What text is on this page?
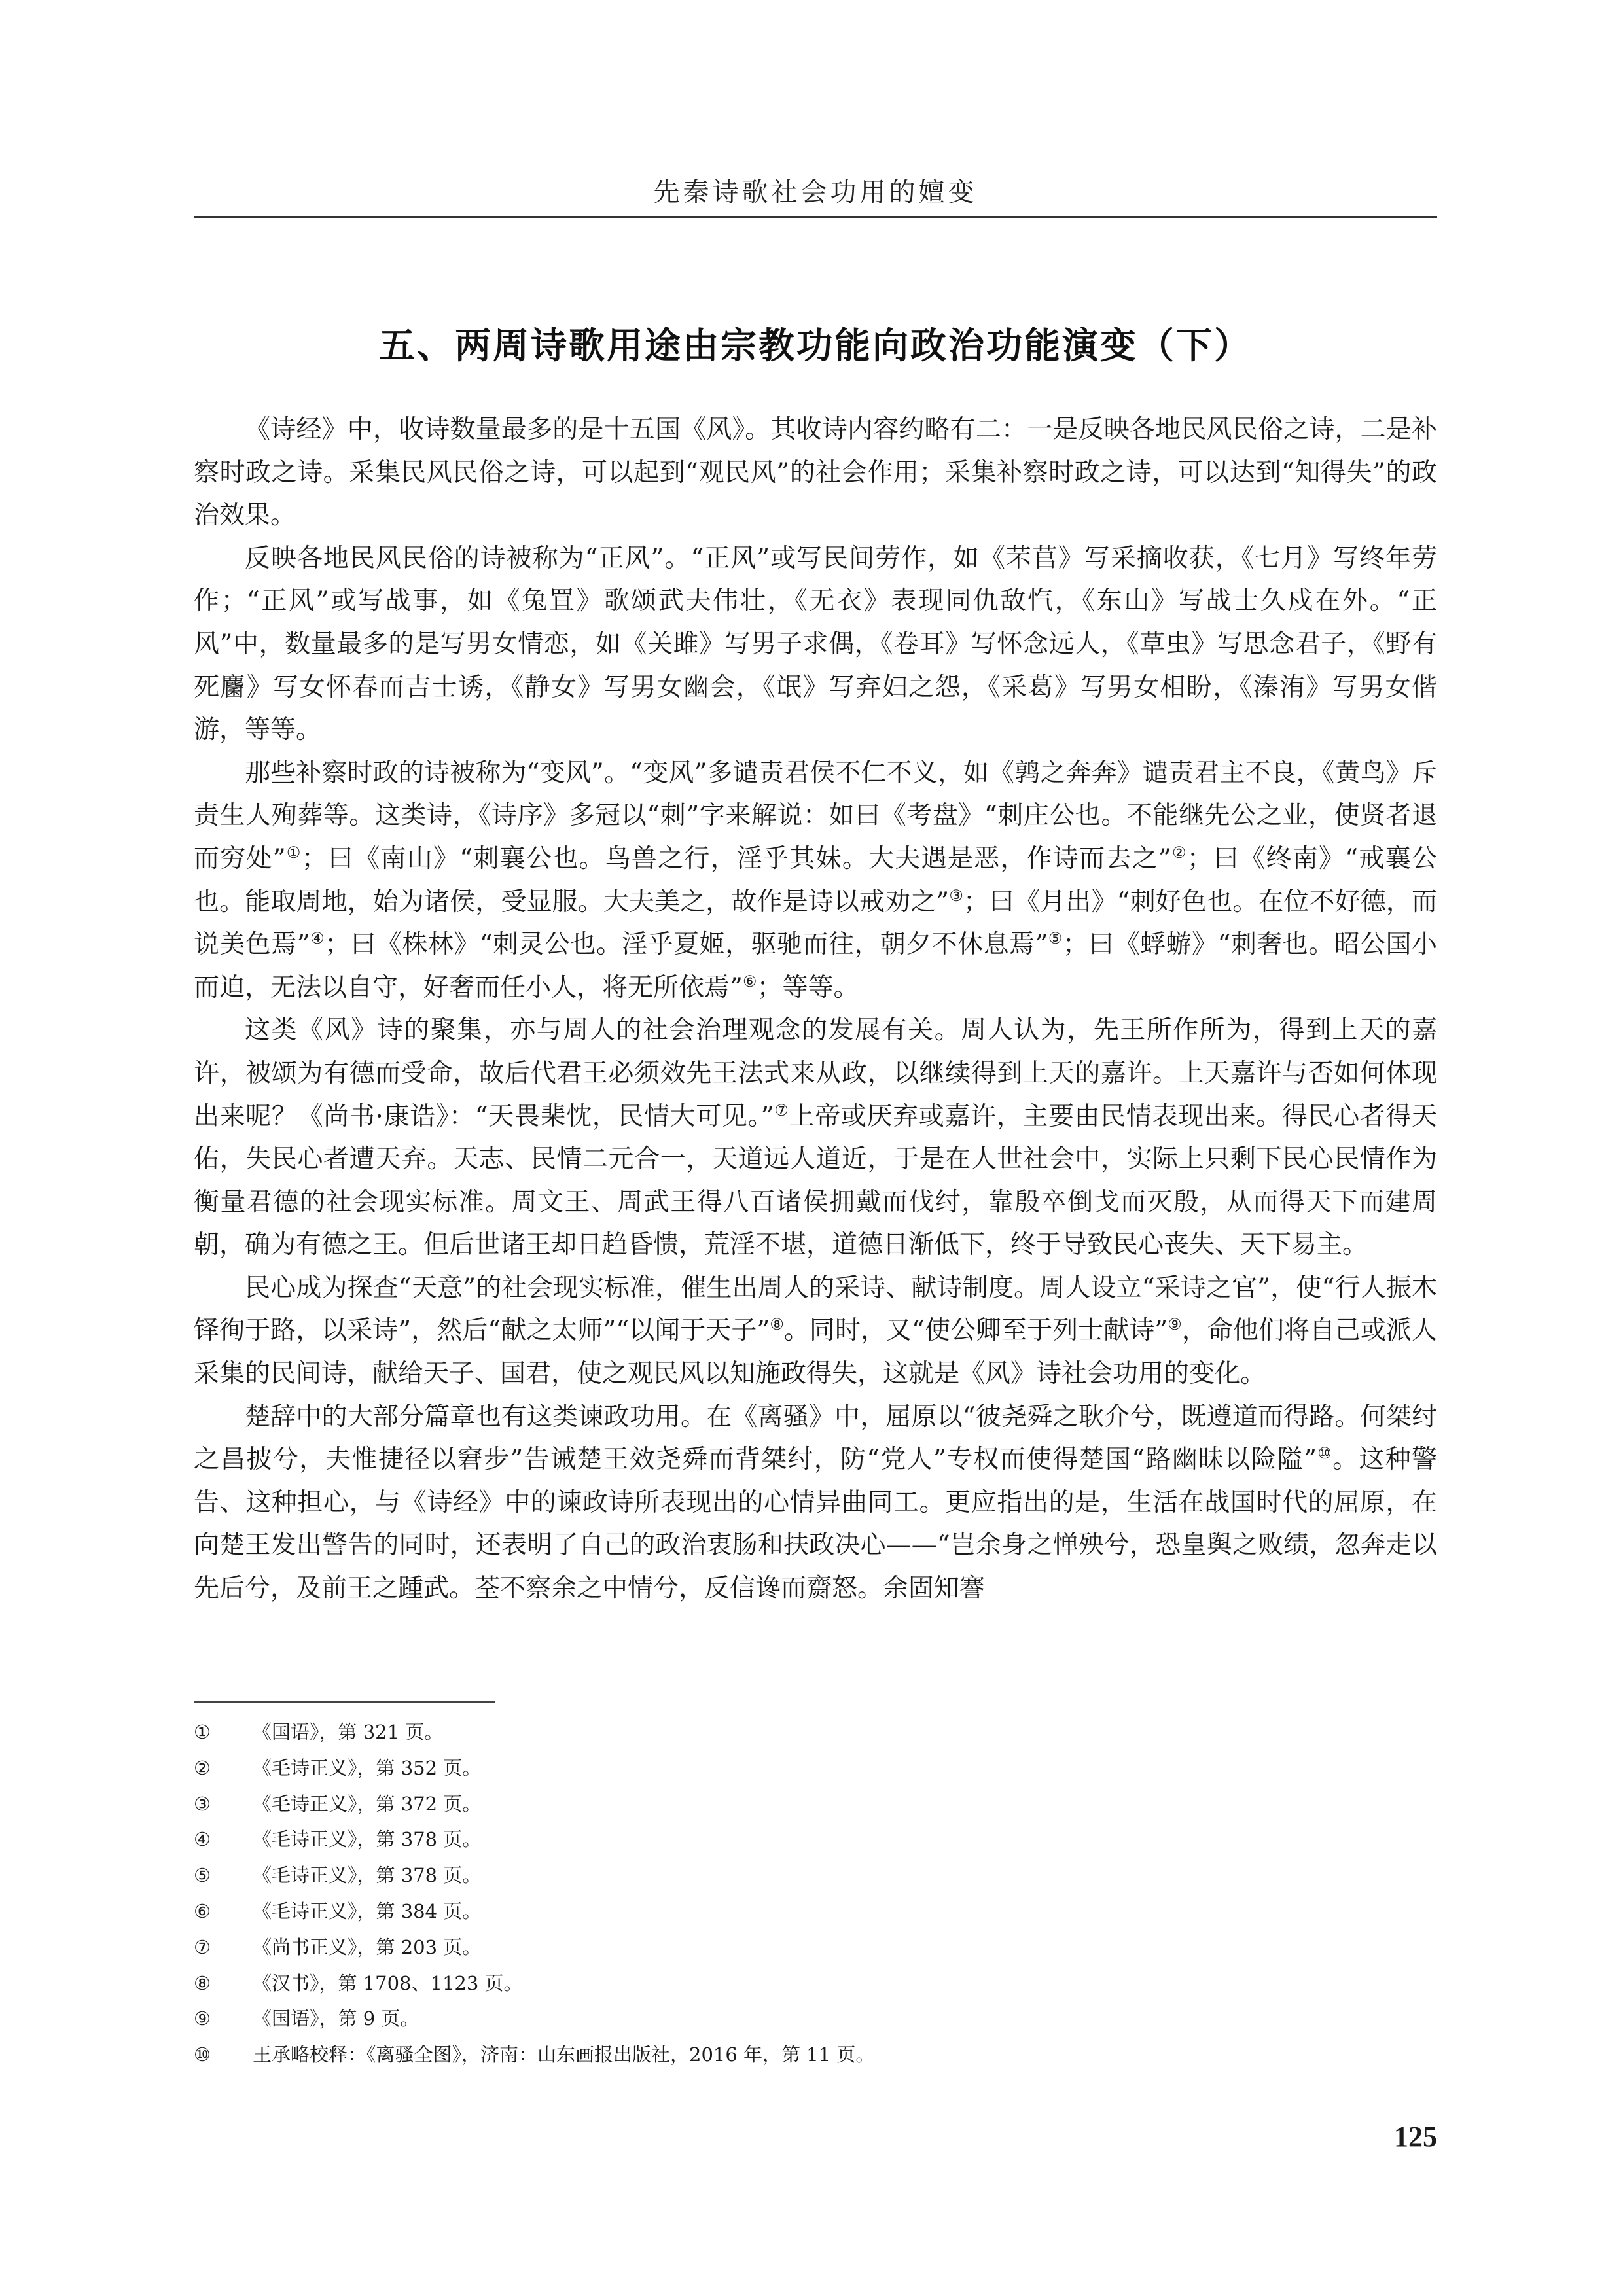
先秦诗歌社会功用的嬗变
五、两周诗歌用途由宗教功能向政治功能演变（下）

《诗经》中，收诗数量最多的是十五国《风》。其收诗内容约略有二：一是反映各地民风民俗之诗，二是补察时政之诗。采集民风民俗之诗，可以起到“观民风”的社会作用；采集补察时政之诗，可以达到“知得失”的政治效果。

反映各地民风民俗的诗被称为“正风”。“正风”或写民间劳作，如《芣苢》写采摘收获，《七月》写终年劳作；“正风”或写战事，如《兔罝》歌颂武夫伟壮，《无衣》表现同仇敌忾，《东山》写战士久戍在外。“正风”中，数量最多的是写男女情恋，如《关雎》写男子求偶，《卷耳》写怀念远人，《草虫》写思念君子，《野有死麕》写女怀春而吉士诱，《静女》写男女幽会，《氓》写弃妇之怨，《采葛》写男女相盼，《溱洧》写男女偕游，等等。

那些补察时政的诗被称为“变风”。“变风”多谴责君侯不仁不义，如《鹑之奔奔》谴责君主不良，《黄鸟》斥责生人殉葬等。这类诗，《诗序》多冠以“刺”字来解说：如曰《考盘》“刺庄公也。不能继先公之业，使贤者退而穷处”①；曰《南山》“刺襄公也。鸟兽之行，淫乎其妹。大夫遇是恶，作诗而去之”②；曰《终南》“戒襄公也。能取周地，始为诸侯，受显服。大夫美之，故作是诗以戒劝之”③；曰《月出》“刺好色也。在位不好德，而说美色焉”④；曰《株林》“刺灵公也。淫乎夏姬，驱驰而往，朝夕不休息焉”⑤；曰《蜉蝣》“刺奢也。昭公国小而迫，无法以自守，好奢而任小人，将无所依焉”⑥；等等。

这类《风》诗的聚集，亦与周人的社会治理观念的发展有关。周人认为，先王所作所为，得到上天的嘉许，被颂为有德而受命，故后代君王必须效先王法式来从政，以继续得到上天的嘉许。上天嘉许与否如何体现出来呢？《尚书·康诰》：“天畏棐忱，民情大可见。”⑦上帝或厌弃或嘉许，主要由民情表现出来。得民心者得天佑，失民心者遭天弃。天志、民情二元合一，天道远人道近，于是在人世社会中，实际上只剩下民心民情作为衡量君德的社会现实标准。周文王、周武王得八百诸侯拥戴而伐纣，靠殷卒倒戈而灭殷，从而得天下而建周朝，确为有德之王。但后世诸王却日趋昏愦，荒淫不堪，道德日渐低下，终于导致民心丧失、天下易主。

民心成为探查“天意”的社会现实标准，催生出周人的采诗、献诗制度。周人设立“采诗之官”，使“行人振木铎徇于路，以采诗”，然后“献之太师”“以闻于天子”⑧。同时，又“使公卿至于列士献诗”⑨，命他们将自己或派人采集的民间诗，献给天子、国君，使之观民风以知施政得失，这就是《风》诗社会功用的变化。

楚辞中的大部分篇章也有这类谏政功用。在《离骚》中，屈原以“彼尧舜之耿介兮，既遵道而得路。何桀纣之昌披兮，夫惟捷径以窘步”告诫楚王效尧舜而背桀纣，防“党人”专权而使得楚国“路幽昧以险隘”⑩。这种警告、这种担心，与《诗经》中的谏政诗所表现出的心情异曲同工。更应指出的是，生活在战国时代的屈原，在向楚王发出警告的同时，还表明了自己的政治衷肠和扶政决心——“岂余身之惮殃兮，恐皇舆之败绩，忽奔走以先后兮，及前王之踵武。荃不察余之中情兮，反信谗而齌怒。余固知謇

①	《国语》，第 321 页。
②	《毛诗正义》，第 352 页。
③	《毛诗正义》，第 372 页。
④	《毛诗正义》，第 378 页。
⑤	《毛诗正义》，第 378 页。
⑥	《毛诗正义》，第 384 页。
⑦	《尚书正义》，第 203 页。
⑧	《汉书》，第 1708、1123 页。
⑨	《国语》，第 9 页。
⑩	王承略校释：《离骚全图》，济南：山东画报出版社，2016 年，第 11 页。
125
